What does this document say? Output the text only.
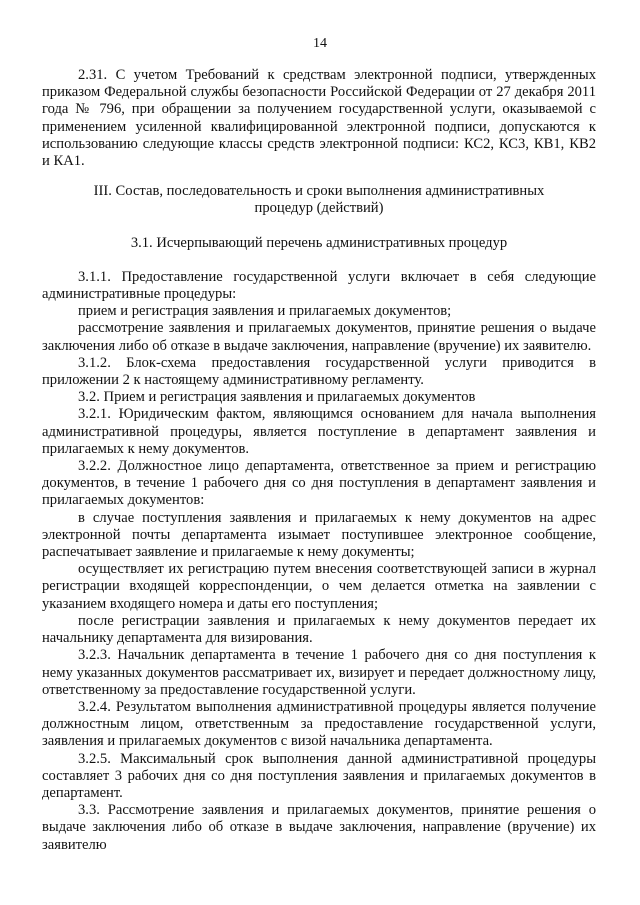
14

2.31. С учетом Требований к средствам электронной подписи, утвержденных приказом Федеральной службы безопасности Российской Федерации от 27 декабря 2011 года № 796, при обращении за получением государственной услуги, оказываемой с применением усиленной квалифицированной электронной подписи, допускаются к использованию следующие классы средств электронной подписи: КС2, КС3, КВ1, КВ2 и КА1.

III. Состав, последовательность и сроки выполнения административных

процедур (действий)

3.1. Исчерпывающий перечень административных процедур

3.1.1. Предоставление государственной услуги включает в себя следующие административные процедуры:

прием и регистрация заявления и прилагаемых документов;

рассмотрение заявления и прилагаемых документов, принятие решения о выдаче заключения либо об отказе в выдаче заключения, направление (вручение) их заявителю.

3.1.2. Блок-схема предоставления государственной услуги приводится в приложении 2 к настоящему административному регламенту.

3.2. Прием и регистрация заявления и прилагаемых документов

3.2.1. Юридическим фактом, являющимся основанием для начала выполнения административной процедуры, является поступление в департамент заявления и прилагаемых к нему документов.

3.2.2. Должностное лицо департамента, ответственное за прием и регистрацию документов, в течение 1 рабочего дня со дня поступления в департамент заявления и прилагаемых документов:

в случае поступления заявления и прилагаемых к нему документов на адрес электронной почты департамента изымает поступившее электронное сообщение, распечатывает заявление и прилагаемые к нему документы;

осуществляет их регистрацию путем внесения соответствующей записи в журнал регистрации входящей корреспонденции, о чем делается отметка на заявлении с указанием входящего номера и даты его поступления;

после регистрации заявления и прилагаемых к нему документов передает их начальнику департамента для визирования.

3.2.3. Начальник департамента в течение 1 рабочего дня со дня поступления к нему указанных документов рассматривает их, визирует и передает должностному лицу, ответственному за предоставление государственной услуги.

3.2.4. Результатом выполнения административной процедуры является получение должностным лицом, ответственным за предоставление государственной услуги, заявления и прилагаемых документов с визой начальника департамента.

3.2.5. Максимальный срок выполнения данной административной процедуры составляет 3 рабочих дня со дня поступления заявления и прилагаемых документов в департамент.

3.3. Рассмотрение заявления и прилагаемых документов, принятие решения о выдаче заключения либо об отказе в выдаче заключения, направление (вручение) их заявителю
